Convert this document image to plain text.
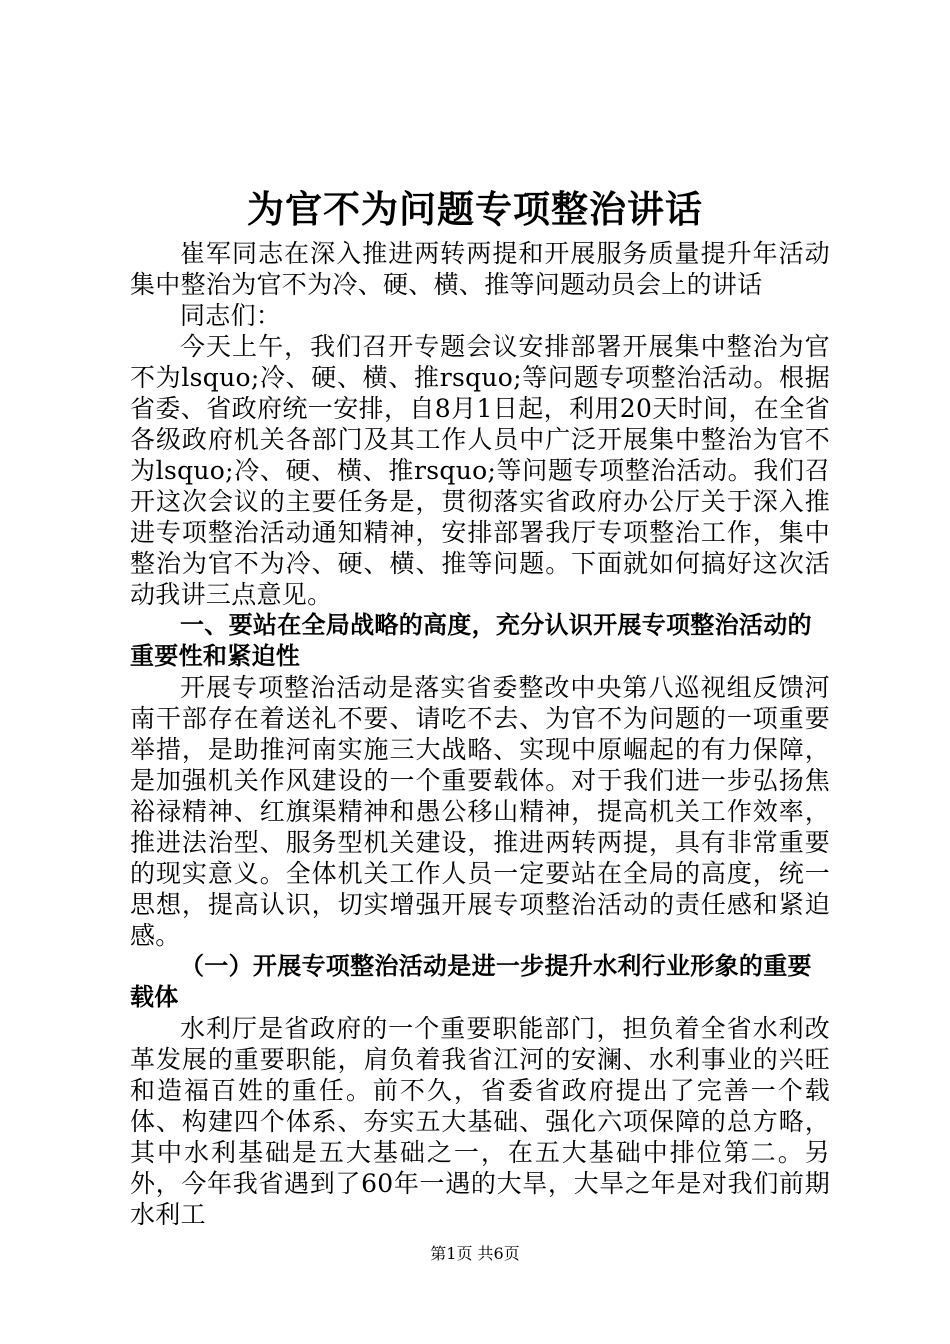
为官不为问题专项整治讲话

崔军同志在深入推进两转两提和开展服务质量提升年活动集中整治为官不为冷、硬、横、推等问题动员会上的讲话

同志们：

今天上午，我们召开专题会议安排部署开展集中整治为官不为lsquo;冷、硬、横、推rsquo;等问题专项整治活动。根据省委、省政府统一安排，自8月1日起，利用20天时间，在全省各级政府机关各部门及其工作人员中广泛开展集中整治为官不为lsquo;冷、硬、横、推rsquo;等问题专项整治活动。我们召开这次会议的主要任务是，贯彻落实省政府办公厅关于深入推进专项整治活动通知精神，安排部署我厅专项整治工作，集中整治为官不为冷、硬、横、推等问题。下面就如何搞好这次活动我讲三点意见。

一、要站在全局战略的高度，充分认识开展专项整治活动的重要性和紧迫性

开展专项整治活动是落实省委整改中央第八巡视组反馈河南干部存在着送礼不要、请吃不去、为官不为问题的一项重要举措，是助推河南实施三大战略、实现中原崛起的有力保障，是加强机关作风建设的一个重要载体。对于我们进一步弘扬焦裕禄精神、红旗渠精神和愚公移山精神，提高机关工作效率，推进法治型、服务型机关建设，推进两转两提，具有非常重要的现实意义。全体机关工作人员一定要站在全局的高度，统一思想，提高认识，切实增强开展专项整治活动的责任感和紧迫感。

（一）开展专项整治活动是进一步提升水利行业形象的重要载体

水利厅是省政府的一个重要职能部门，担负着全省水利改革发展的重要职能，肩负着我省江河的安澜、水利事业的兴旺和造福百姓的重任。前不久，省委省政府提出了完善一个载体、构建四个体系、夯实五大基础、强化六项保障的总方略，其中水利基础是五大基础之一，在五大基础中排位第二。另外，今年我省遇到了60年一遇的大旱，大旱之年是对我们前期水利工

第1页 共6页
